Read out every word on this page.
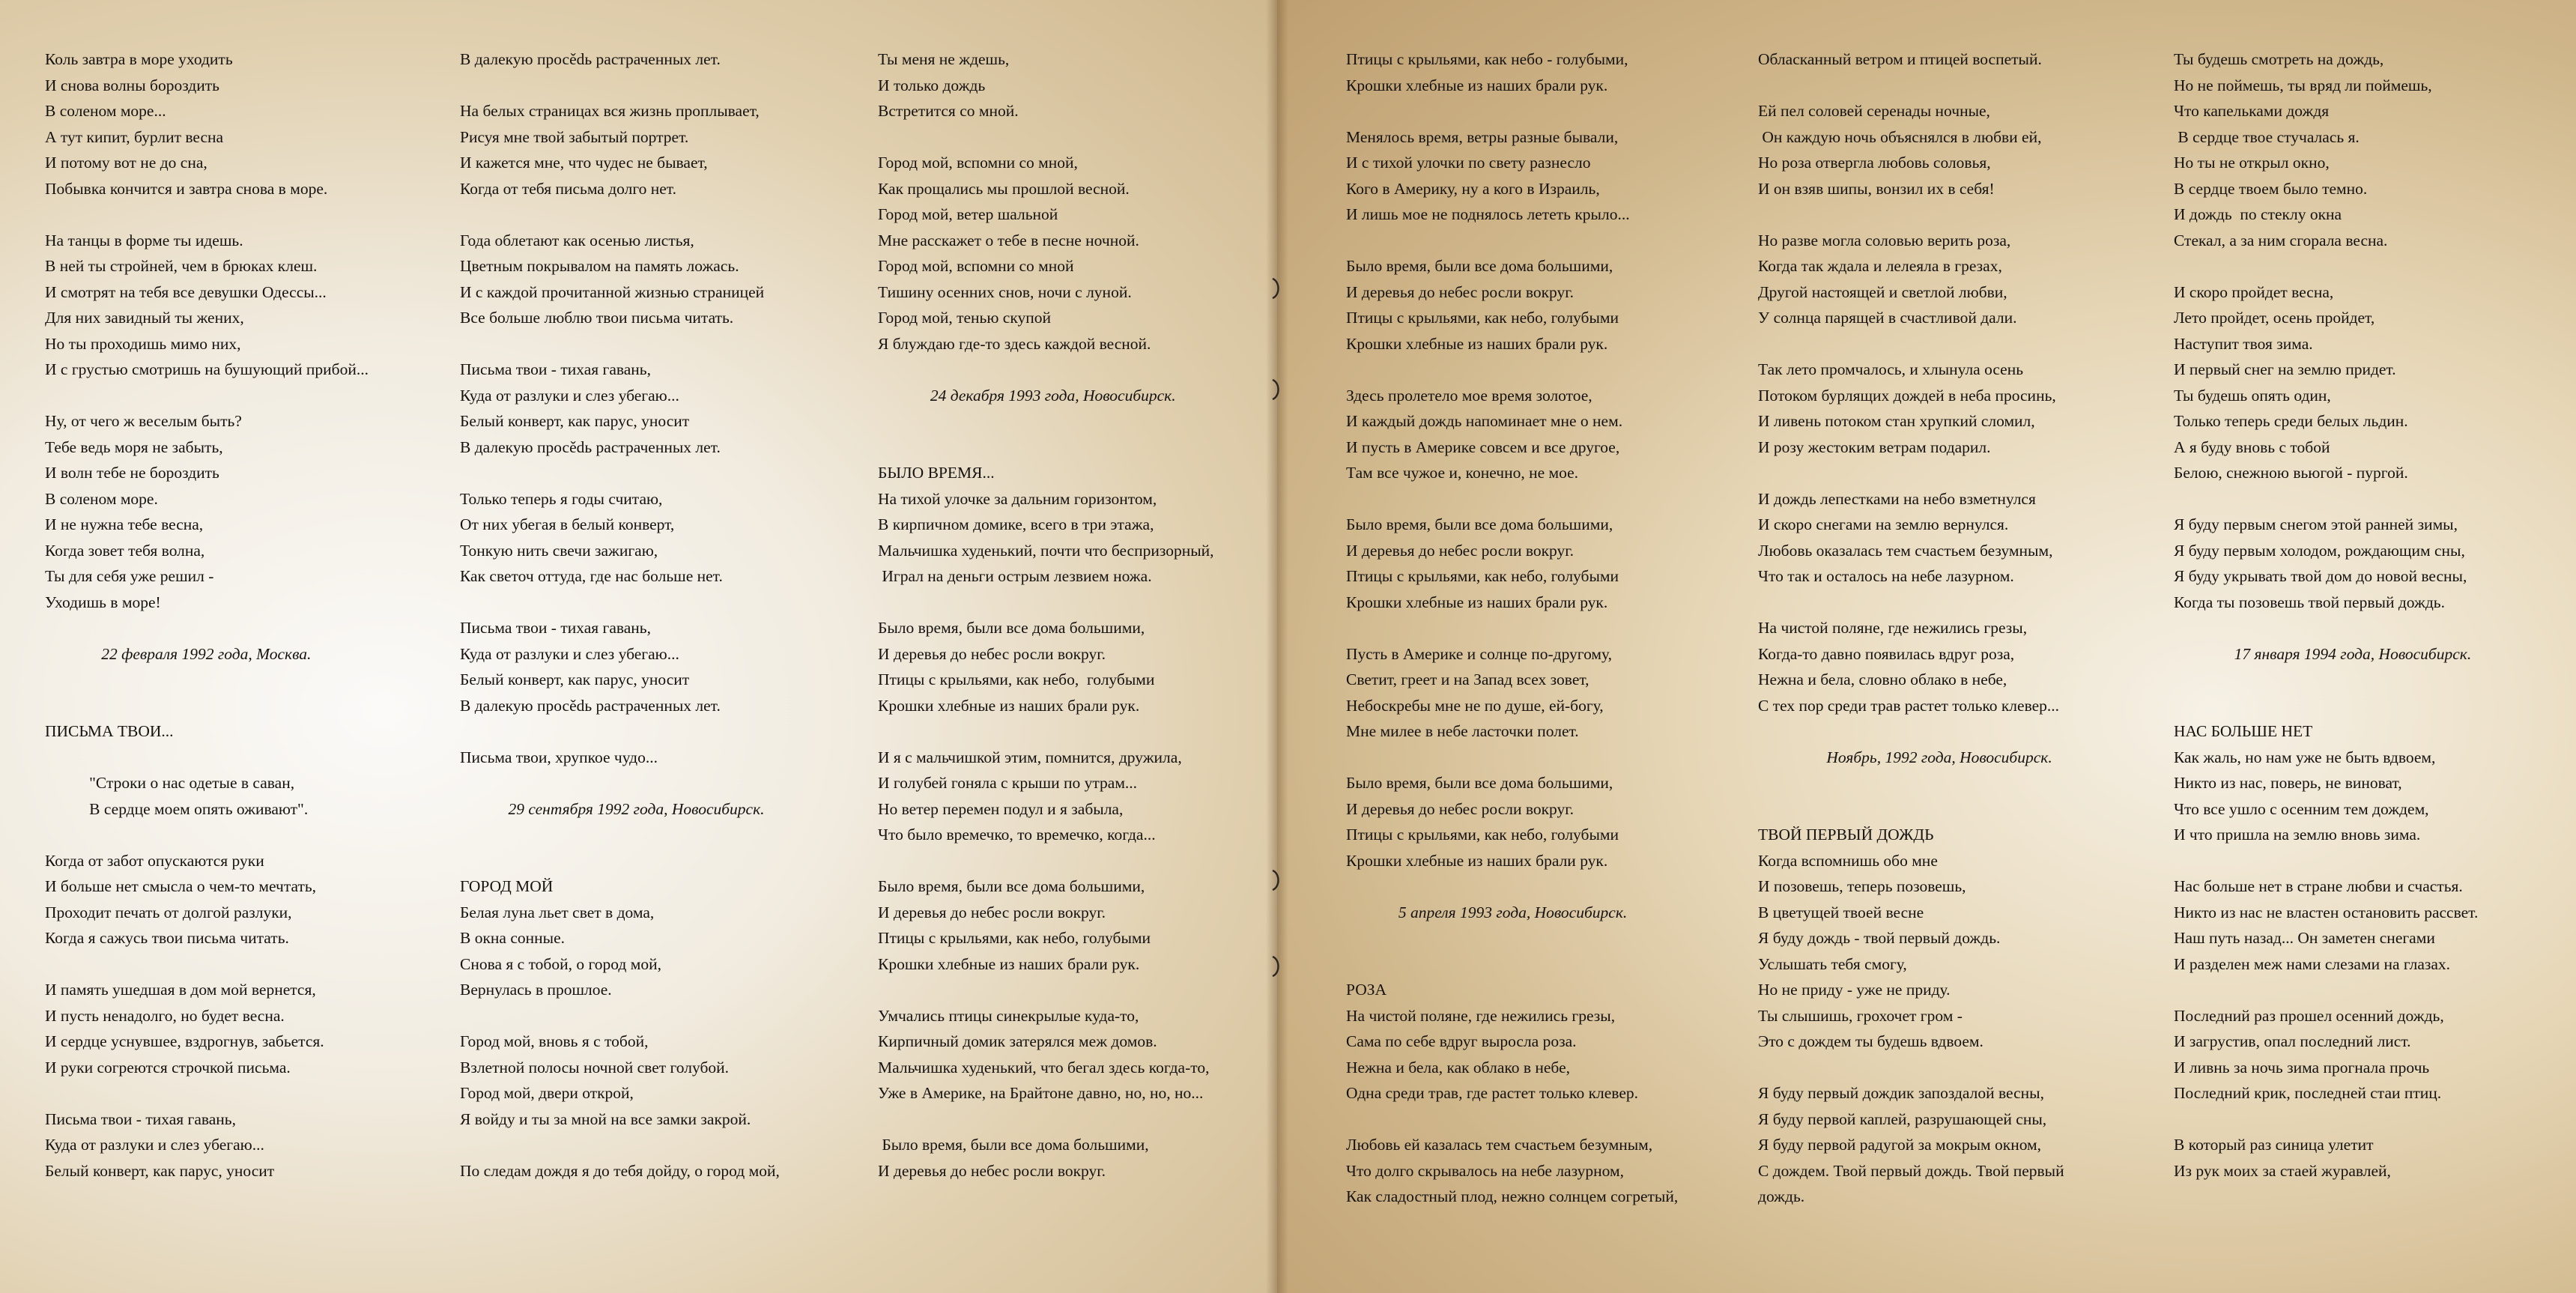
Коль завтра в море уходить
И снова волны бороздить
В соленом море...
А тут кипит, бурлит весна
И потому вот не до сна,
Побывка кончится и завтра снова в море.
На танцы в форме ты идешь.
В ней ты стройней, чем в брюках клеш.
И смотрят на тебя все девушки Одессы...
Для них завидный ты жених,
Но ты проходишь мимо них,
И с грустью смотришь на бушующий прибой...
Ну, от чего ж веселым быть?
Тебе ведь моря не забыть,
И волн тебе не бороздить
В соленом море.
И не нужна тебе весна,
Когда зовет тебя волна,
Ты для себя уже решил -
Уходишь в море!
22 февраля 1992 года, Москва.
ПИСЬМА ТВОИ...
"Строки о нас одетые в саван,
В сердце моем опять оживают".
Когда от забот опускаются руки
И больше нет смысла о чем-то мечтать,
Проходит печать от долгой разлуки,
Когда я сажусь твои письма читать.
И память ушедшая в дом мой вернется,
И пусть ненадолго, но будет весна.
И сердце уснувшее, вздрогнув, забьется.
И руки согреются строчкой письма.
Письма твои - тихая гавань,
Куда от разлуки и слез убегаю...
Белый конверт, как парус, уносит
В далекую просědь растраченных лет.
На белых страницах вся жизнь проплывает,
Рисуя мне твой забытый портрет.
И кажется мне, что чудес не бывает,
Когда от тебя письма долго нет.
Года облетают как осенью листья,
Цветным покрывалом на память ложась.
И с каждой прочитанной жизнью страницей
Все больше люблю твои письма читать.
Письма твои - тихая гавань,
Куда от разлуки и слез убегаю...
Белый конверт, как парус, уносит
В далекую просědь растраченных лет.
Только теперь я годы считаю,
От них убегая в белый конверт,
Тонкую нить свечи зажигаю,
Как светоч оттуда, где нас больше нет.
Письма твои - тихая гавань,
Куда от разлуки и слез убегаю...
Белый конверт, как парус, уносит
В далекую просědь растраченных лет.
Письма твои, хрупкое чудо...
29 сентября 1992 года, Новосибирск.
ГОРОД МОЙ
Белая луна льет свет в дома,
В окна сонные.
Снова я с тобой, о город мой,
Вернулась в прошлое.
Город мой, вновь я с тобой,
Взлетной полосы ночной свет голубой.
Город мой, двери открой,
Я войду и ты за мной на все замки закрой.
По следам дождя я до тебя дойду, о город мой,
Ты меня не ждешь,
И только дождь
Встретится со мной.
Город мой, вспомни со мной,
Как прощались мы прошлой весной.
Город мой, ветер шальной
Мне расскажет о тебе в песне ночной.
Город мой, вспомни со мной
Тишину осенних снов, ночи с луной.
Город мой, тенью скупой
Я блуждаю где-то здесь каждой весной.
24 декабря 1993 года, Новосибирск.
БЫЛО ВРЕМЯ...
На тихой улочке за дальним горизонтом,
В кирпичном домике, всего в три этажа,
Мальчишка худенький, почти что беспризорный,
Играл на деньги острым лезвием ножа.
Было время, были все дома большими,
И деревья до небес росли вокруг.
Птицы с крыльями, как небо,  голубыми
Крошки хлебные из наших брали рук.
И я с мальчишкой этим, помнится, дружила,
И голубей гоняла с крыши по утрам...
Но ветер перемен подул и я забыла,
Что было времечко, то времечко, когда...
Было время, были все дома большими,
И деревья до небес росли вокруг.
Птицы с крыльями, как небо, голубыми
Крошки хлебные из наших брали рук.
Умчались птицы синекрылые куда-то,
Кирпичный домик затерялся меж домов.
Мальчишка худенький, что бегал здесь когда-то,
Уже в Америке, на Брайтоне давно, но, но, но...
Было время, были все дома большими,
И деревья до небес росли вокруг.
Птицы с крыльями, как небо - голубыми,
Крошки хлебные из наших брали рук.
Менялось время, ветры разные бывали,
И с тихой улочки по свету разнесло
Кого в Америку, ну а кого в Израиль,
И лишь мое не поднялось лететь крыло...
Было время, были все дома большими,
И деревья до небес росли вокруг.
Птицы с крыльями, как небо, голубыми
Крошки хлебные из наших брали рук.
Здесь пролетело мое время золотое,
И каждый дождь напоминает мне о нем.
И пусть в Америке совсем и все другое,
Там все чужое и, конечно, не мое.
Было время, были все дома большими,
И деревья до небес росли вокруг.
Птицы с крыльями, как небо, голубыми
Крошки хлебные из наших брали рук.
Пусть в Америке и солнце по-другому,
Светит, греет и на Запад всех зовет,
Небоскребы мне не по душе, ей-богу,
Мне милее в небе ласточки полет.
Было время, были все дома большими,
И деревья до небес росли вокруг.
Птицы с крыльями, как небо, голубыми
Крошки хлебные из наших брали рук.
5 апреля 1993 года, Новосибирск.
РОЗА
На чистой поляне, где нежились грезы,
Сама по себе вдруг выросла роза.
Нежна и бела, как облако в небе,
Одна среди трав, где растет только клевер.
Любовь ей казалась тем счастьем безумным,
Что долго скрывалось на небе лазурном,
Как сладостный плод, нежно солнцем согретый,
Обласканный ветром и птицей воспетый.
Ей пел соловей серенады ночные,
Он каждую ночь объяснялся в любви ей,
Но роза отвергла любовь соловья,
И он взяв шипы, вонзил их в себя!
Но разве могла соловью верить роза,
Когда так ждала и лелеяла в грезах,
Другой настоящей и светлой любви,
У солнца парящей в счастливой дали.
Так лето промчалось, и хлынула осень
Потоком бурлящих дождей в неба просинь,
И ливень потоком стан хрупкий сломил,
И розу жестоким ветрам подарил.
И дождь лепестками на небо взметнулся
И скоро снегами на землю вернулся.
Любовь оказалась тем счастьем безумным,
Что так и осталось на небе лазурном.
На чистой поляне, где нежились грезы,
Когда-то давно появилась вдруг роза,
Нежна и бела, словно облако в небе,
С тех пор среди трав растет только клевер...
Ноябрь, 1992 года, Новосибирск.
ТВОЙ ПЕРВЫЙ ДОЖДЬ
Когда вспомнишь обо мне
И позовешь, теперь позовешь,
В цветущей твоей весне
Я буду дождь - твой первый дождь.
Услышать тебя смогу,
Но не приду - уже не приду.
Ты слышишь, грохочет гром -
Это с дождем ты будешь вдвоем.
Я буду первый дождик запоздалой весны,
Я буду первой каплей, разрушающей сны,
Я буду первой радугой за мокрым окном,
С дождем. Твой первый дождь. Твой первый
дождь.
Ты будешь смотреть на дождь,
Но не поймешь, ты вряд ли поймешь,
Что капельками дождя
В сердце твое стучалась я.
Но ты не открыл окно,
В сердце твоем было темно.
И дождь  по стеклу окна
Стекал, а за ним сгорала весна.
И скоро пройдет весна,
Лето пройдет, осень пройдет,
Наступит твоя зима.
И первый снег на землю придет.
Ты будешь опять один,
Только теперь среди белых льдин.
А я буду вновь с тобой
Белою, снежною вьюгой - пургой.
Я буду первым снегом этой ранней зимы,
Я буду первым холодом, рождающим сны,
Я буду укрывать твой дом до новой весны,
Когда ты позовешь твой первый дождь.
17 января 1994 года, Новосибирск.
НАС БОЛЬШЕ НЕТ
Как жаль, но нам уже не быть вдвоем,
Никто из нас, поверь, не виноват,
Что все ушло с осенним тем дождем,
И что пришла на землю вновь зима.
Нас больше нет в стране любви и счастья.
Никто из нас не властен остановить рассвет.
Наш путь назад... Он заметен снегами
И разделен меж нами слезами на глазах.
Последний раз прошел осенний дождь,
И загрустив, опал последний лист.
И ливнь за ночь зима прогнала прочь
Последний крик, последней стаи птиц.
В который раз синица улетит
Из рук моих за стаей журавлей,
